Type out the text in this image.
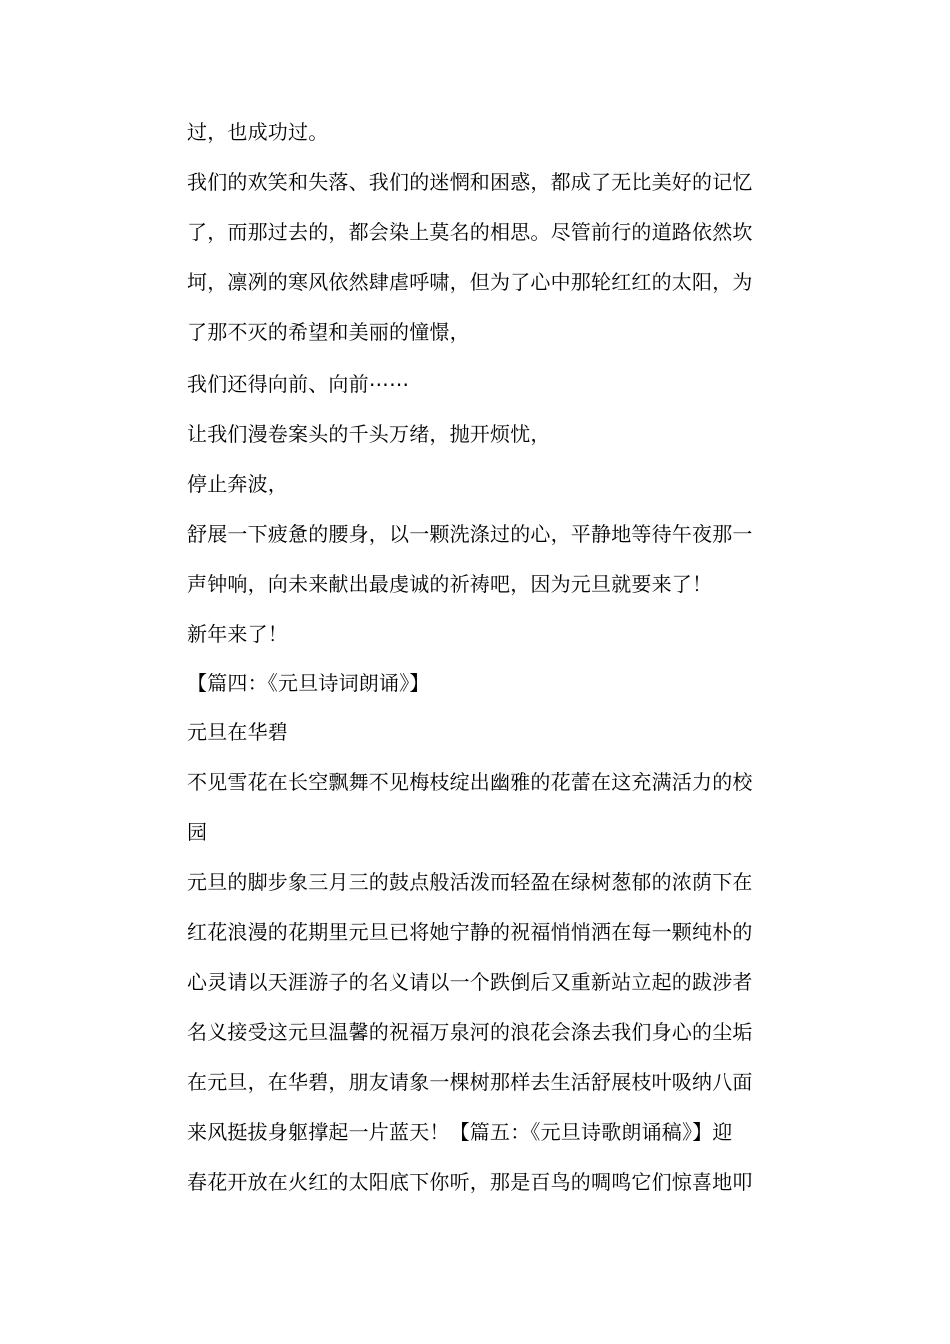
过，也成功过。
我们的欢笑和失落、我们的迷惘和困惑，都成了无比美好的记忆
了，而那过去的，都会染上莫名的相思。尽管前行的道路依然坎
坷，凛冽的寒风依然肆虐呼啸，但为了心中那轮红红的太阳，为
了那不灭的希望和美丽的憧憬，
我们还得向前、向前⋯⋯
让我们漫卷案头的千头万绪，抛开烦忧，
停止奔波，
舒展一下疲惫的腰身，以一颗洗涤过的心，平静地等待午夜那一
声钟响，向未来献出最虔诚的祈祷吧，因为元旦就要来了！
新年来了！
【篇四：《元旦诗词朗诵》】
元旦在华碧
不见雪花在长空飘舞不见梅枝绽出幽雅的花蕾在这充满活力的校
园
元旦的脚步象三月三的鼓点般活泼而轻盈在绿树葱郁的浓荫下在
红花浪漫的花期里元旦已将她宁静的祝福悄悄洒在每一颗纯朴的
心灵请以天涯游子的名义请以一个跌倒后又重新站立起的跋涉者
名义接受这元旦温馨的祝福万泉河的浪花会涤去我们身心的尘垢
在元旦，在华碧，朋友请象一棵树那样去生活舒展枝叶吸纳八面
来风挺拔身躯撑起一片蓝天！【篇五：《元旦诗歌朗诵稿》】迎
春花开放在火红的太阳底下你听，那是百鸟的啁鸣它们惊喜地叩
